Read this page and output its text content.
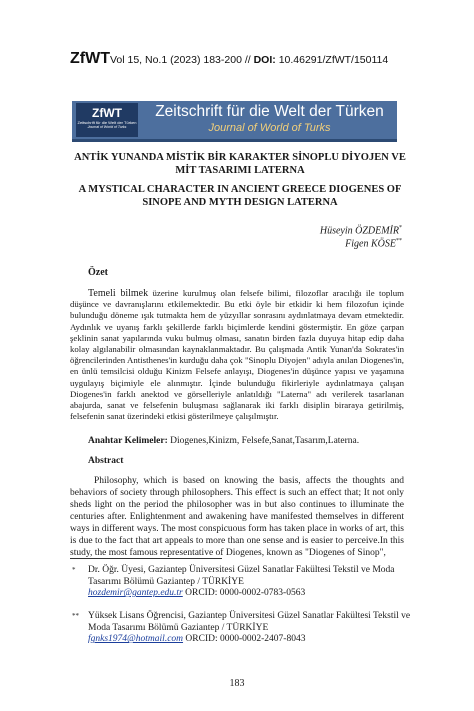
ZfWTVol 15, No.1 (2023) 183-200 // DOI: 10.46291/ZfWT/150114
ZfWT
Zeitschrift für die Welt der Türken
Journal of World of Turks
Zeitschrift für die Welt der Türken
Journal of World of Turks
ANTİK YUNANDA MİSTİK BİR KARAKTER SİNOPLU DİYOJEN VE MİT TASARIMI LATERNA
A MYSTICAL CHARACTER IN ANCIENT GREECE DIOGENES OF SINOPE AND MYTH DESIGN LATERNA
Hüseyin ÖZDEMİR*
Figen KÖSE**
Özet
Temeli bilmek üzerine kurulmuş olan felsefe bilimi, filozoflar aracılığı ile toplum düşünce ve davranışlarını etkilemektedir. Bu etki öyle bir etkidir ki hem filozofun içinde bulunduğu döneme ışık tutmakta hem de yüzyıllar sonrasını aydınlatmaya devam etmektedir. Aydınlık ve uyanış farklı şekillerde farklı biçimlerde kendini göstermiştir. En göze çarpan şeklinin sanat yapılarında vuku bulmuş olması, sanatın birden fazla duyuya hitap edip daha kolay algılanabilir olmasından kaynaklanmaktadır. Bu çalışmada Antik Yunan'da Sokrates'in öğrencilerinden Antisthenes'in kurduğu daha çok "Sinoplu Diyojen" adıyla anılan Diogenes'in, en ünlü temsilcisi olduğu Kinizm Felsefe anlayışı, Diogenes'in düşünce yapısı ve yaşamına uygulayış biçimiyle ele alınmıştır. İçinde bulunduğu fikirleriyle aydınlatmaya çalışan Diogenes'in farklı anektod ve görselleriyle anlatıldığı "Laterna" adı verilerek tasarlanan abajurda, sanat ve felsefenin buluşması sağlanarak iki farklı disiplin biraraya getirilmiş, felsefenin sanat üzerindeki etkisi gösterilmeye çalışılmıştır.
Anahtar Kelimeler: Diogenes,Kinizm, Felsefe,Sanat,Tasarım,Laterna.
Abstract
Philosophy, which is based on knowing the basis, affects the thoughts and behaviors of society through philosophers. This effect is such an effect that; It not only sheds light on the period the philosopher was in but also continues to illuminate the centuries after. Enlightenment and awakening have manifested themselves in different ways in different ways. The most conspicuous form has taken place in works of art, this is due to the fact that art appeals to more than one sense and is easier to perceive.In this study, the most famous representative of Diogenes, known as "Diogenes of Sinop",
* Dr. Öğr. Üyesi, Gaziantep Üniversitesi Güzel Sanatlar Fakültesi Tekstil ve Moda Tasarımı Bölümü Gaziantep / TÜRKİYE
hozdemir@gantep.edu.tr ORCID: 0000-0002-0783-0563
** Yüksek Lisans Öğrencisi, Gaziantep Üniversitesi Güzel Sanatlar Fakültesi Tekstil ve Moda Tasarımı Bölümü Gaziantep / TÜRKİYE
fgnks1974@hotmail.com ORCID: 0000-0002-2407-8043
183
